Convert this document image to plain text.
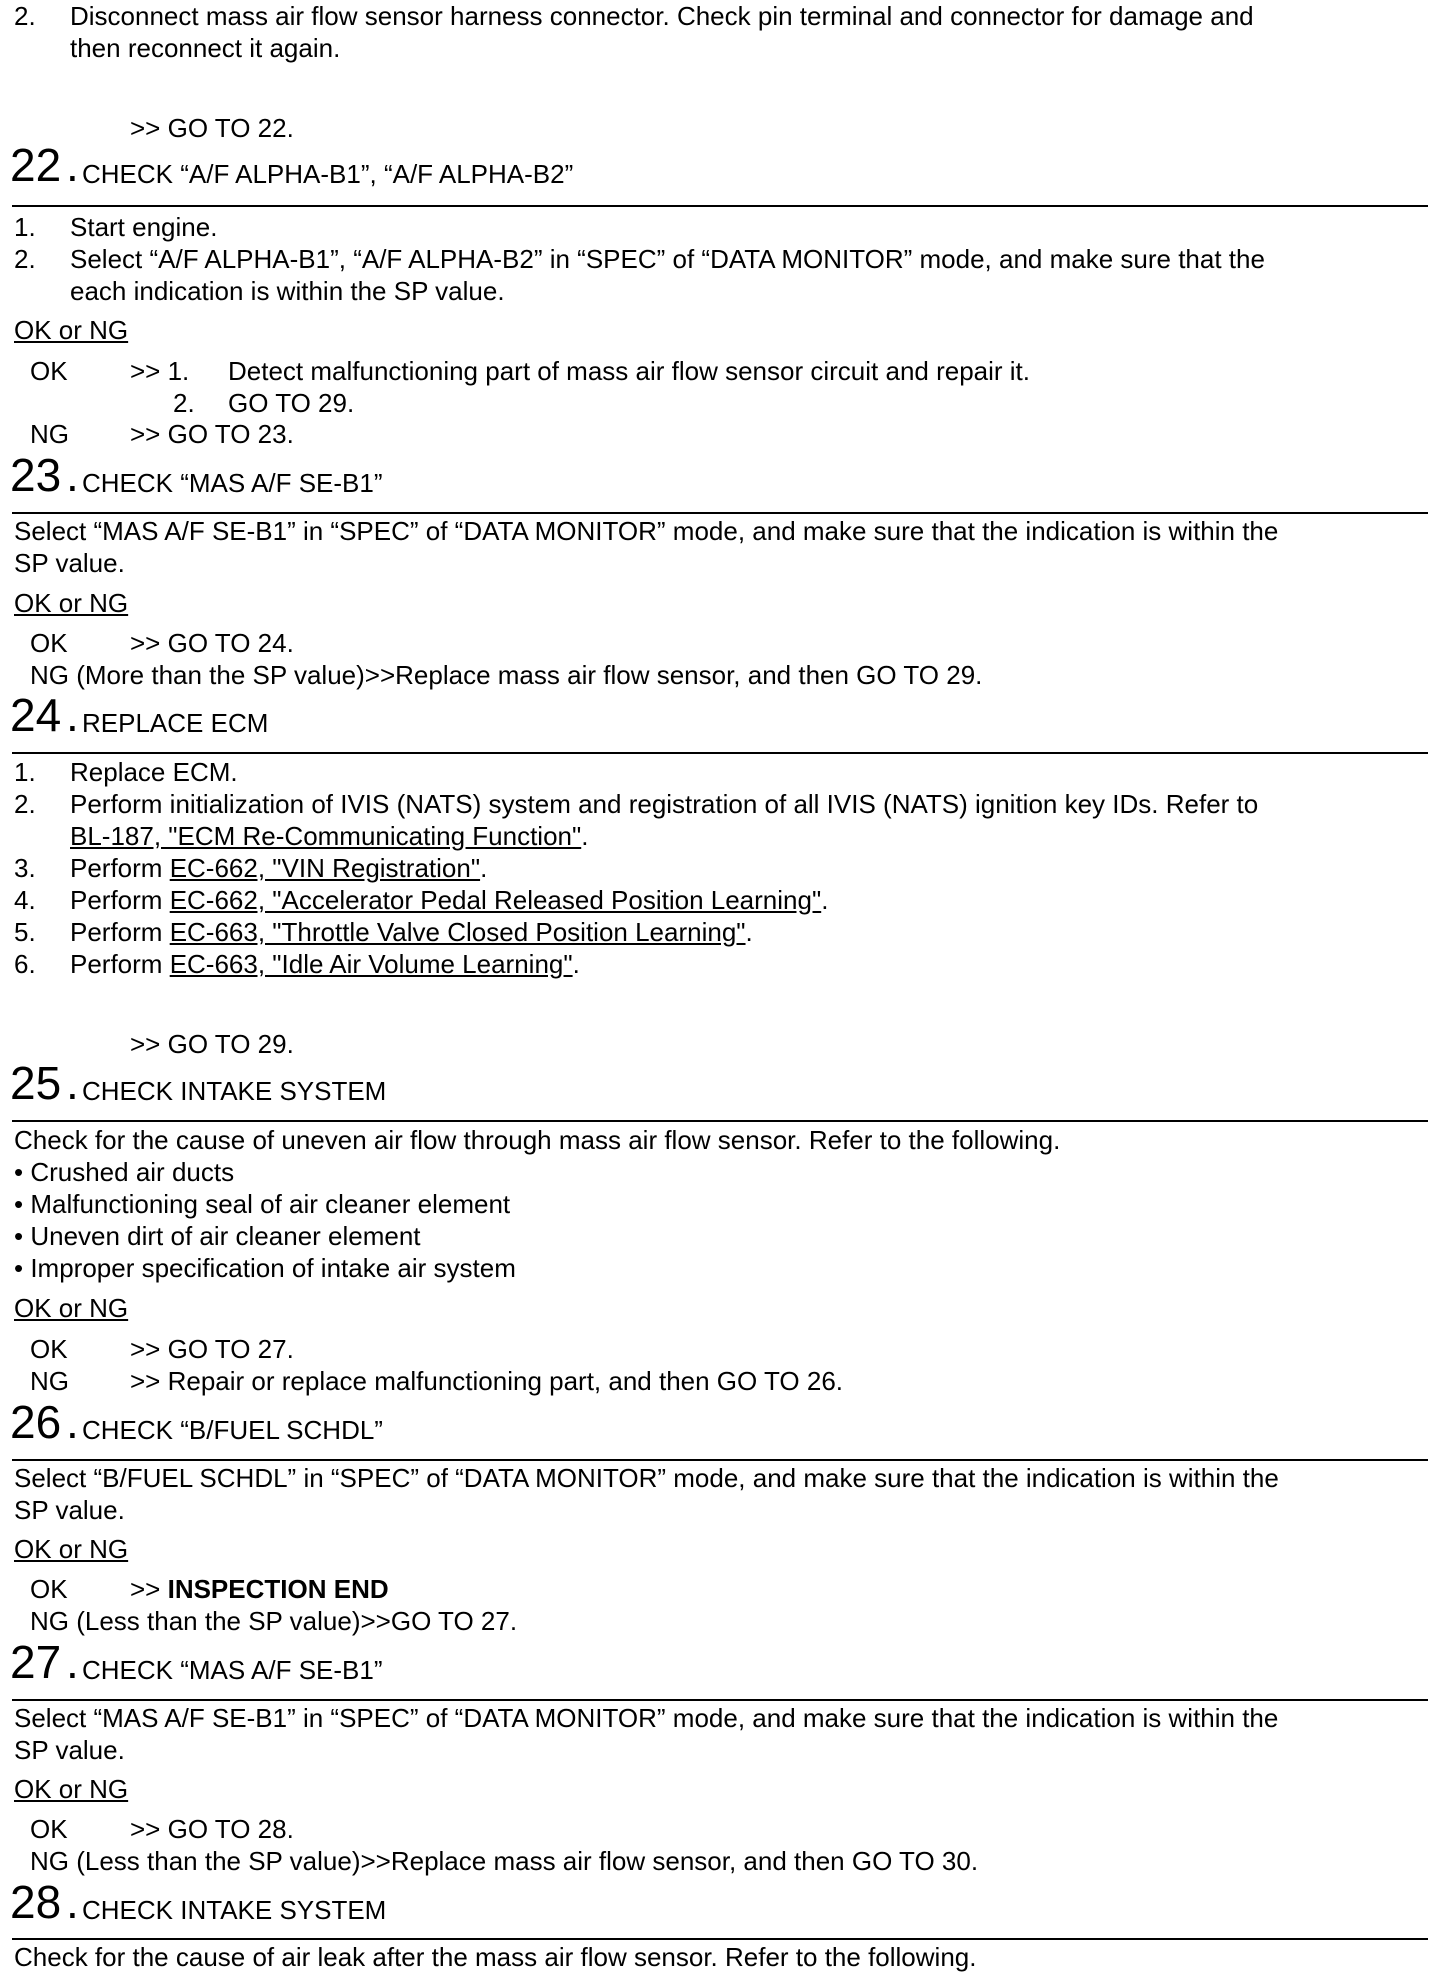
2. Disconnect mass air flow sensor harness connector. Check pin terminal and connector for damage and
then reconnect it again.
>> GO TO 22.
22 . CHECK “A/F ALPHA-B1”, “A/F ALPHA-B2”
1. Start engine.
2. Select “A/F ALPHA-B1”, “A/F ALPHA-B2” in “SPEC” of “DATA MONITOR” mode, and make sure that the
each indication is within the SP value.
OK or NG
OK >> 1. Detect malfunctioning part of mass air flow sensor circuit and repair it.
2. GO TO 29.
NG >> GO TO 23.
23 . CHECK “MAS A/F SE-B1”
Select “MAS A/F SE-B1” in “SPEC” of “DATA MONITOR” mode, and make sure that the indication is within the
SP value.
OK or NG
OK >> GO TO 24.
NG (More than the SP value)>>Replace mass air flow sensor, and then GO TO 29.
24 . REPLACE ECM
1. Replace ECM.
2. Perform initialization of IVIS (NATS) system and registration of all IVIS (NATS) ignition key IDs. Refer to
BL-187, "ECM Re-Communicating Function".
3. Perform EC-662, "VIN Registration".
4. Perform EC-662, "Accelerator Pedal Released Position Learning".
5. Perform EC-663, "Throttle Valve Closed Position Learning".
6. Perform EC-663, "Idle Air Volume Learning".
>> GO TO 29.
25 . CHECK INTAKE SYSTEM
Check for the cause of uneven air flow through mass air flow sensor. Refer to the following.
• Crushed air ducts
• Malfunctioning seal of air cleaner element
• Uneven dirt of air cleaner element
• Improper specification of intake air system
OK or NG
OK >> GO TO 27.
NG >> Repair or replace malfunctioning part, and then GO TO 26.
26 . CHECK “B/FUEL SCHDL”
Select “B/FUEL SCHDL” in “SPEC” of “DATA MONITOR” mode, and make sure that the indication is within the
SP value.
OK or NG
OK >> INSPECTION END
NG (Less than the SP value)>>GO TO 27.
27 . CHECK “MAS A/F SE-B1”
Select “MAS A/F SE-B1” in “SPEC” of “DATA MONITOR” mode, and make sure that the indication is within the
SP value.
OK or NG
OK >> GO TO 28.
NG (Less than the SP value)>>Replace mass air flow sensor, and then GO TO 30.
28 . CHECK INTAKE SYSTEM
Check for the cause of air leak after the mass air flow sensor. Refer to the following.
